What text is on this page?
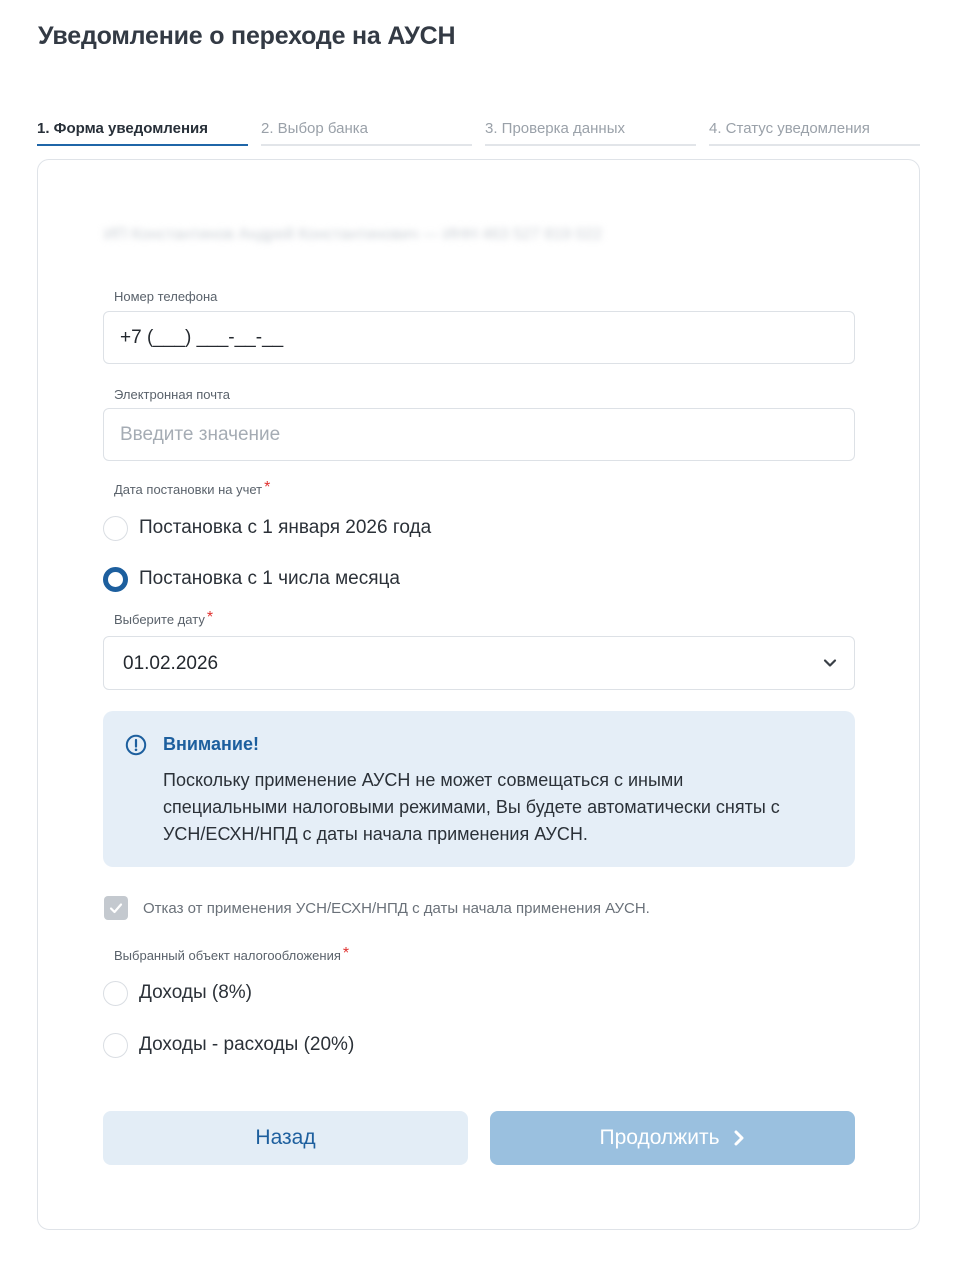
Уведомление о переходе на АУСН
1. Форма уведомления	2. Выбор банка	3. Проверка данных	4. Статус уведомления
ИП Константинов Андрей Константинович — ИНН 463 527 819 022
Номер телефона
+7 (___) ___-__-__
Электронная почта
Введите значение
Дата постановки на учет *
Постановка с 1 января 2026 года
Постановка с 1 числа месяца
Выберите дату *
01.02.2026
Внимание!
Поскольку применение АУСН не может совмещаться с иными специальными налоговыми режимами, Вы будете автоматически сняты с УСН/ЕСХН/НПД с даты начала применения АУСН.
Отказ от применения УСН/ЕСХН/НПД с даты начала применения АУСН.
Выбранный объект налогообложения *
Доходы (8%)
Доходы - расходы (20%)
Назад	Продолжить
